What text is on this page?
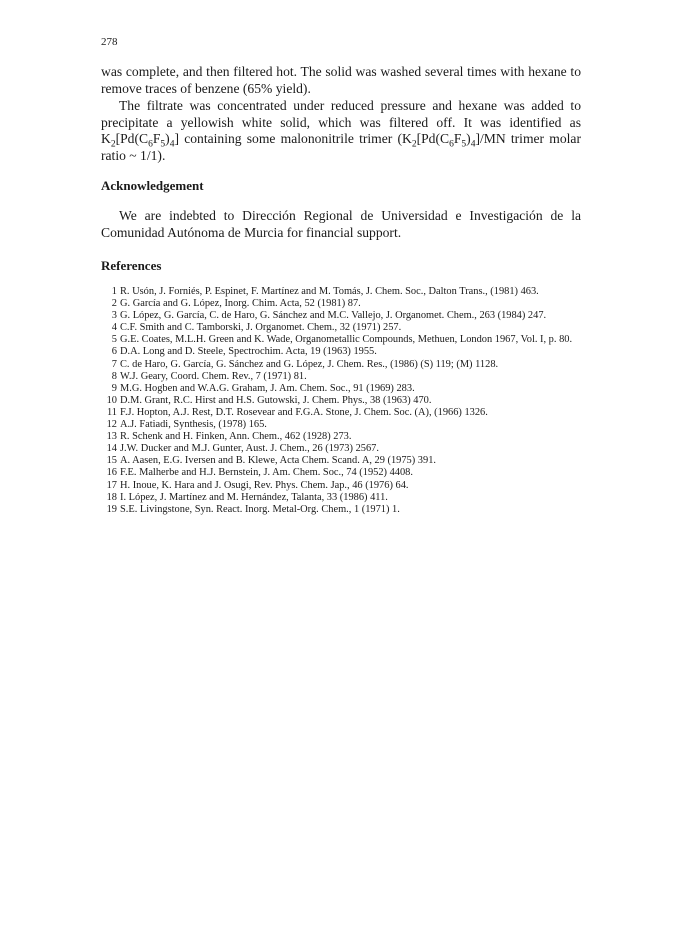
278
was complete, and then filtered hot. The solid was washed several times with hexane to remove traces of benzene (65% yield).
The filtrate was concentrated under reduced pressure and hexane was added to precipitate a yellowish white solid, which was filtered off. It was identified as $K_2[Pd(C_6F_5)_4]$ containing some malononitrile trimer ($K_2[Pd(C_6F_5)_4]/MN$ trimer molar ratio ~ 1/1).
Acknowledgement
We are indebted to Dirección Regional de Universidad e Investigación de la Comunidad Autónoma de Murcia for financial support.
References
1 R. Usón, J. Forniés, P. Espinet, F. Martínez and M. Tomás, J. Chem. Soc., Dalton Trans., (1981) 463.
2 G. García and G. López, Inorg. Chim. Acta, 52 (1981) 87.
3 G. López, G. García, C. de Haro, G. Sánchez and M.C. Vallejo, J. Organomet. Chem., 263 (1984) 247.
4 C.F. Smith and C. Tamborski, J. Organomet. Chem., 32 (1971) 257.
5 G.E. Coates, M.L.H. Green and K. Wade, Organometallic Compounds, Methuen, London 1967, Vol. I, p. 80.
6 D.A. Long and D. Steele, Spectrochim. Acta, 19 (1963) 1955.
7 C. de Haro, G. García, G. Sánchez and G. López, J. Chem. Res., (1986) (S) 119; (M) 1128.
8 W.J. Geary, Coord. Chem. Rev., 7 (1971) 81.
9 M.G. Hogben and W.A.G. Graham, J. Am. Chem. Soc., 91 (1969) 283.
10 D.M. Grant, R.C. Hirst and H.S. Gutowski, J. Chem. Phys., 38 (1963) 470.
11 F.J. Hopton, A.J. Rest, D.T. Rosevear and F.G.A. Stone, J. Chem. Soc. (A), (1966) 1326.
12 A.J. Fatiadi, Synthesis, (1978) 165.
13 R. Schenk and H. Finken, Ann. Chem., 462 (1928) 273.
14 J.W. Ducker and M.J. Gunter, Aust. J. Chem., 26 (1973) 2567.
15 A. Aasen, E.G. Iversen and B. Klewe, Acta Chem. Scand. A, 29 (1975) 391.
16 F.E. Malherbe and H.J. Bernstein, J. Am. Chem. Soc., 74 (1952) 4408.
17 H. Inoue, K. Hara and J. Osugi, Rev. Phys. Chem. Jap., 46 (1976) 64.
18 I. López, J. Martínez and M. Hernández, Talanta, 33 (1986) 411.
19 S.E. Livingstone, Syn. React. Inorg. Metal-Org. Chem., 1 (1971) 1.
